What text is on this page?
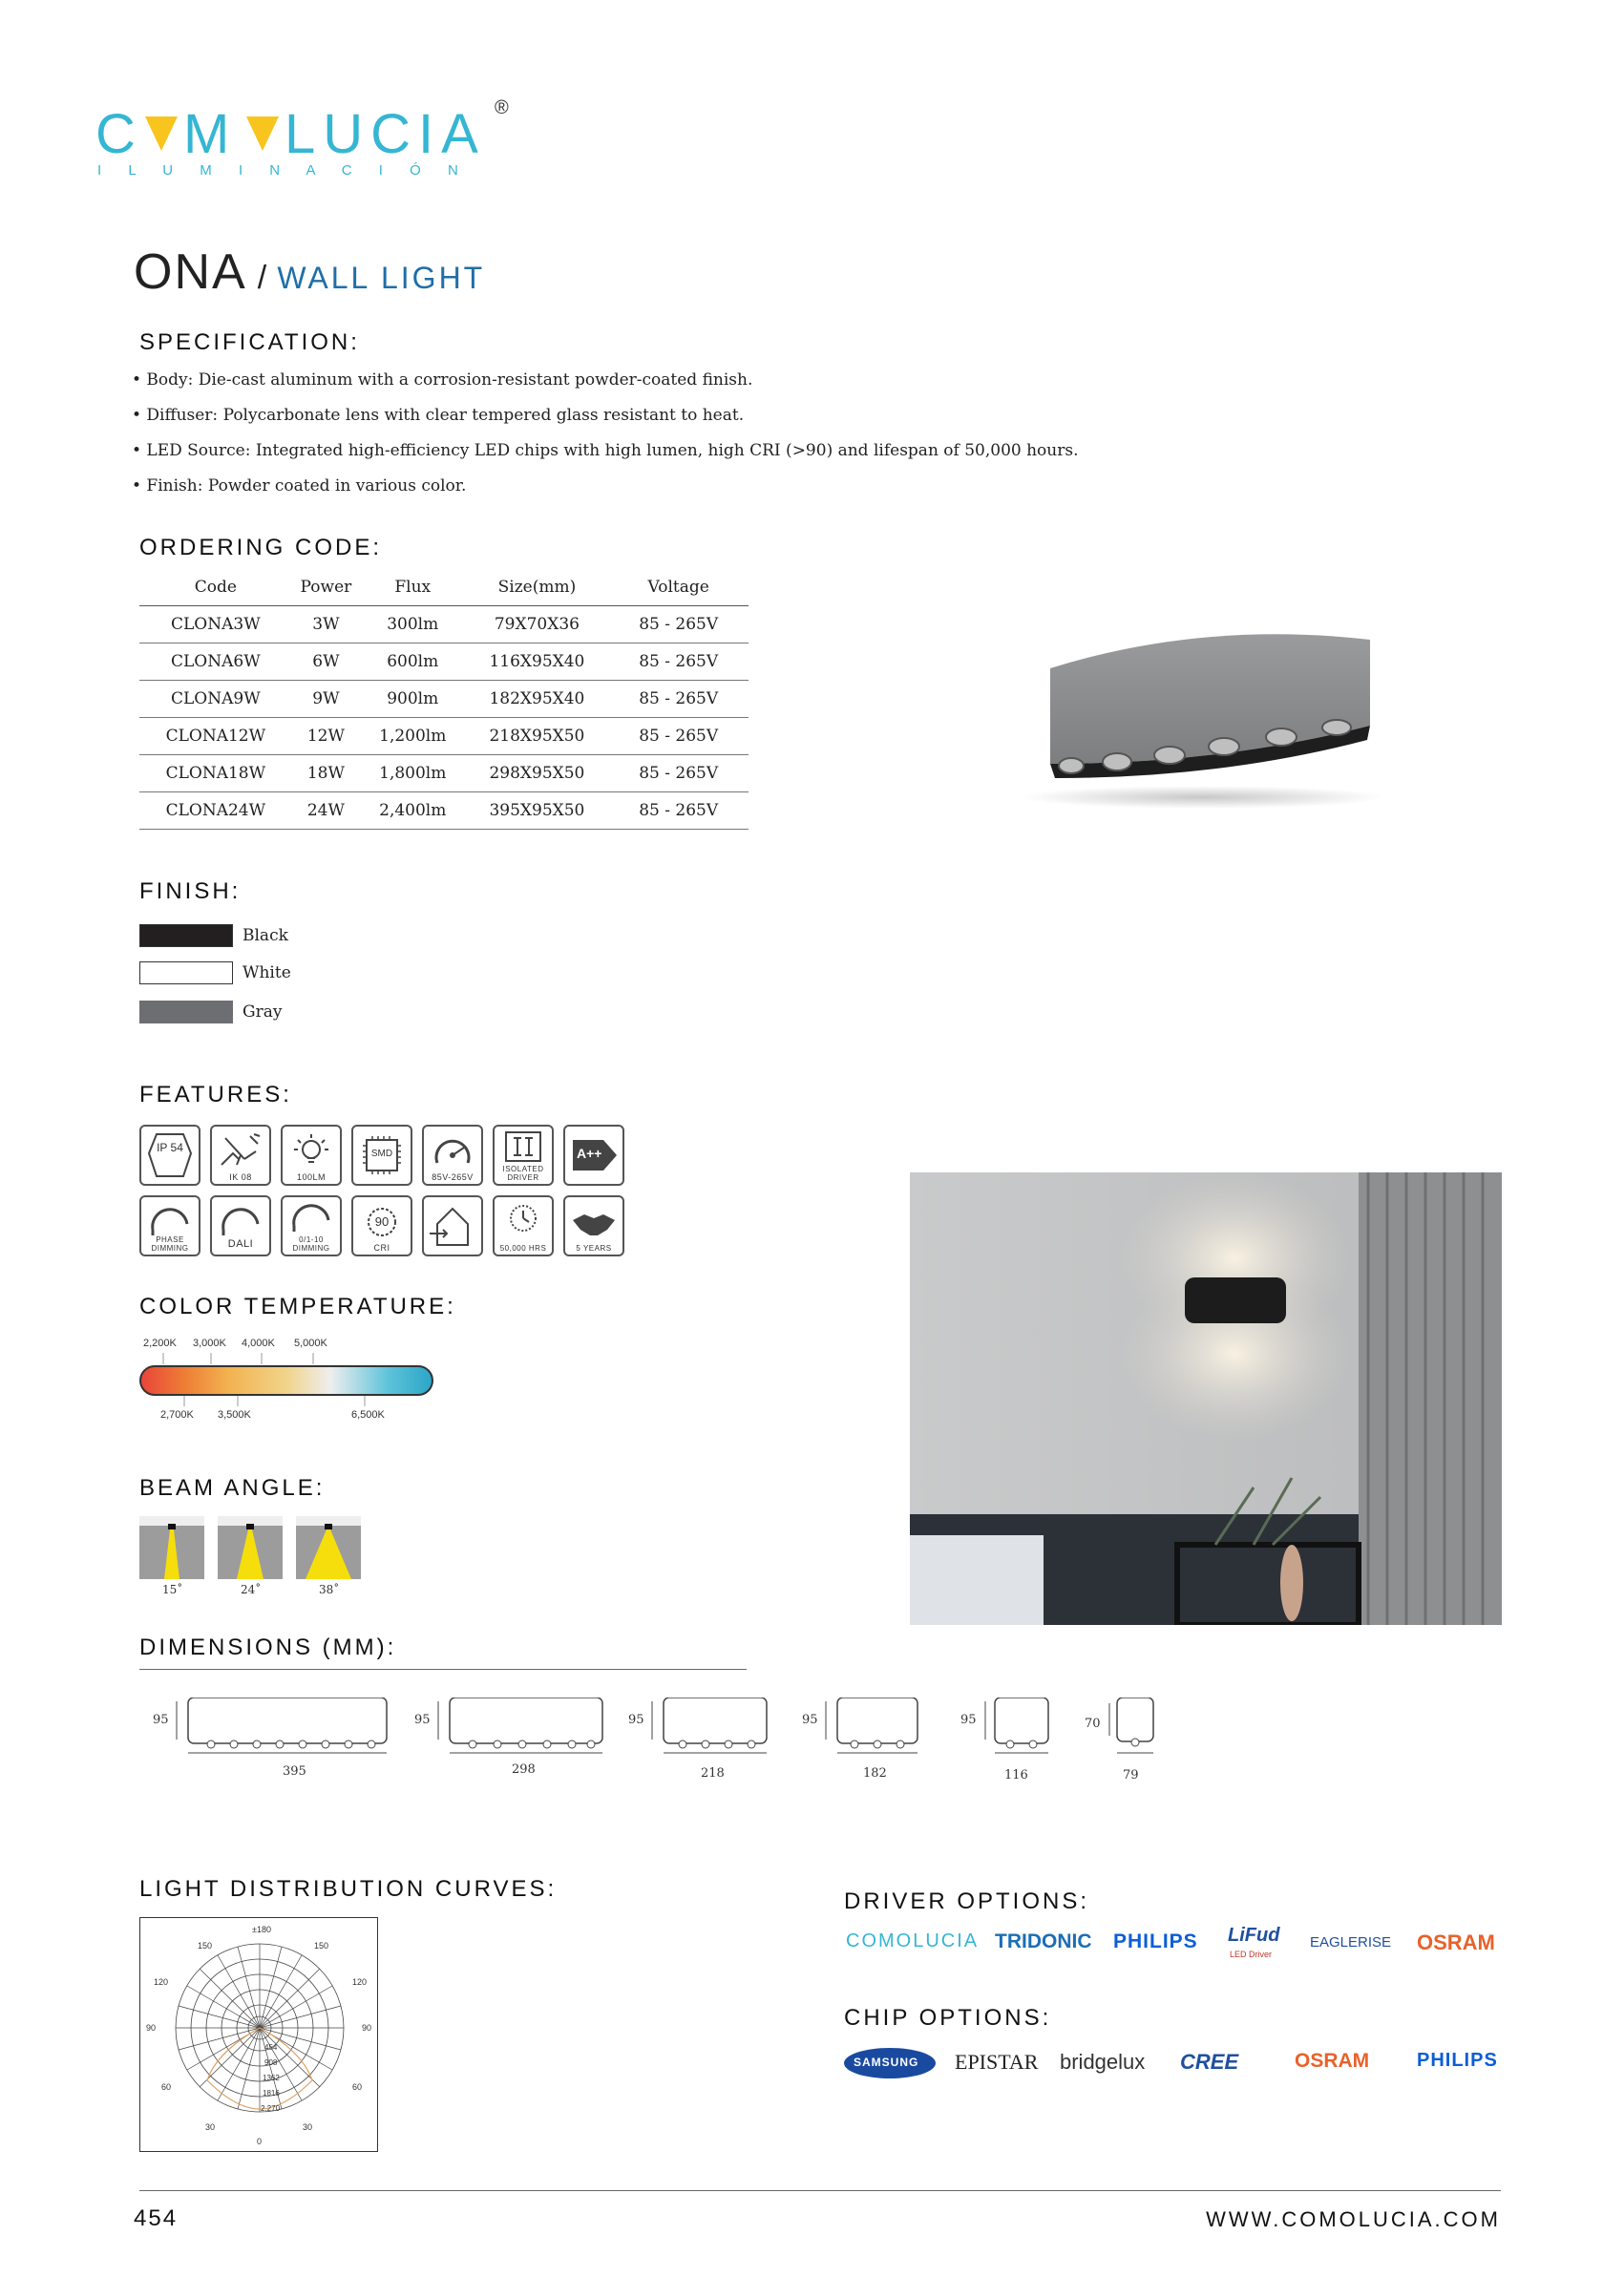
C M LUCIA ®
I L U M I N A C I Ó N
ONA / WALL LIGHT
SPECIFICATION:
• Body: Die-cast aluminum with a corrosion-resistant powder-coated finish.
• Diffuser: Polycarbonate lens with clear tempered glass resistant to heat.
• LED Source: Integrated high-efficiency LED chips with high lumen, high CRI (>90) and lifespan of 50,000 hours.
• Finish: Powder coated in various color.
ORDERING CODE:
Code	Power	Flux	Size(mm)	Voltage
CLONA3W	3W	300lm	79X70X36	85 - 265V
CLONA6W	6W	600lm	116X95X40	85 - 265V
CLONA9W	9W	900lm	182X95X40	85 - 265V
CLONA12W	12W	1,200lm	218X95X50	85 - 265V
CLONA18W	18W	1,800lm	298X95X50	85 - 265V
CLONA24W	24W	2,400lm	395X95X50	85 - 265V
FINISH:
Black
White
Gray
FEATURES:
IP 54
IK 08	100LM
SMD
85V-265V
ISOLATED DRIVER
A++
PHASE DIMMING	DALI	0/1-10 DIMMING
90
CRI	50,000 HRS	5 YEARS
COLOR TEMPERATURE:
2,200K 3,000K 4,000K 5,000K
2,700K 3,500K	6,500K
BEAM ANGLE:
15˚	24˚	38˚
DIMENSIONS (MM):
95
395
95
298
95
218
95
182
95
116
70
79
LIGHT DISTRIBUTION CURVES:
±180
150	150
120	120
90	90
60	60
30	30
0
454
908
1362
1816
2,270
DRIVER OPTIONS:
COMOLUCIA TRIDONIC PHILIPS LiFud
LED Driver
EAGLERISE OSRAM
CHIP OPTIONS:
SAMSUNG EPISTAR bridgelux CREE	OSRAM PHILIPS
454	WWW.COMOLUCIA.COM
